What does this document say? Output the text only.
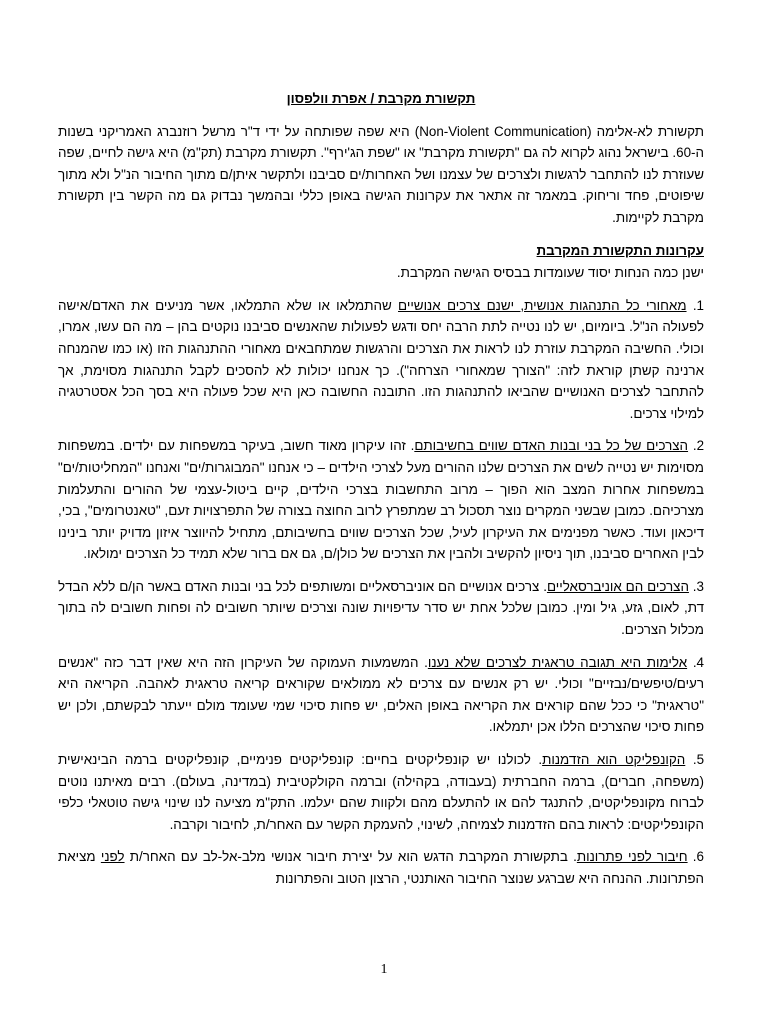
תקשורת מקרבת / אפרת וולפסון
תקשורת לא-אלימה (Non-Violent Communication) היא שפה שפותחה על ידי ד"ר מרשל רוזנברג האמריקני בשנות ה-60. בישראל נהוג לקרוא לה גם "תקשורת מקרבת" או "שפת הג'ירף". תקשורת מקרבת (תק"מ) היא גישה לחיים, שפה שעוזרת לנו להתחבר לרגשות ולצרכים של עצמנו ושל האחרות/ים סביבנו ולתקשר איתן/ם מתוך החיבור הנ"ל ולא מתוך שיפוטים, פחד וריחוק. במאמר זה אתאר את עקרונות הגישה באופן כללי ובהמשך נבדוק גם מה הקשר בין תקשורת מקרבת לקיימות.
עקרונות התקשורת המקרבת
ישנן כמה הנחות יסוד שעומדות בבסיס הגישה המקרבת.
1. מאחורי כל התנהגות אנושית, ישנם צרכים אנושיים שהתמלאו או שלא התמלאו, אשר מניעים את האדם/אישה לפעולה הנ"ל. ביומיום, יש לנו נטייה לתת הרבה יחס ודגש לפעולות שהאנשים סביבנו נוקטים בהן – מה הם עשו, אמרו, וכולי. החשיבה המקרבת עוזרת לנו לראות את הצרכים והרגשות שמתחבאים מאחורי ההתנהגות הזו (או כמו שהמנחה ארנינה קשתן קוראת לזה: "הצורך שמאחורי הצרחה"). כך אנחנו יכולות לא להסכים לקבל התנהגות מסוימת, אך להתחבר לצרכים האנושיים שהביאו להתנהגות הזו. התובנה החשובה כאן היא שכל פעולה היא בסך הכל אסטרטגיה למילוי צרכים.
2. הצרכים של כל בני ובנות האדם שווים בחשיבותם. זהו עיקרון מאוד חשוב, בעיקר במשפחות עם ילדים. במשפחות מסוימות יש נטייה לשים את הצרכים שלנו ההורים מעל לצרכי הילדים – כי אנחנו "המבוגרות/ים" ואנחנו "המחליטות/ים" במשפחות אחרות המצב הוא הפוך – מרוב התחשבות בצרכי הילדים, קיים ביטול-עצמי של ההורים והתעלמות מצרכיהם. כמובן שבשני המקרים נוצר תסכול רב שמתפרץ לרוב החוצה בצורה של התפרצויות זעם, "טאנטרומים", בכי, דיכאון ועוד. כאשר מפנימים את העיקרון לעיל, שכל הצרכים שווים בחשיבותם, מתחיל להיווצר איזון מדויק יותר בינינו לבין האחרים סביבנו, תוך ניסיון להקשיב ולהבין את הצרכים של כולן/ם, גם אם ברור שלא תמיד כל הצרכים ימולאו.
3. הצרכים הם אוניברסאליים. צרכים אנושיים הם אוניברסאליים ומשותפים לכל בני ובנות האדם באשר הן/ם ללא הבדל דת, לאום, גזע, גיל ומין. כמובן שלכל אחת יש סדר עדיפויות שונה וצרכים שיותר חשובים לה ופחות חשובים לה בתוך מכלול הצרכים.
4. אלימות היא תגובה טראגית לצרכים שלא נענו. המשמעות העמוקה של העיקרון הזה היא שאין דבר כזה "אנשים רעים/טיפשים/נבזיים" וכולי. יש רק אנשים עם צרכים לא ממולאים שקוראים קריאה טראגית לאהבה. הקריאה היא "טראגית" כי ככל שהם קוראים את הקריאה באופן האלים, יש פחות סיכוי שמי שעומד מולם ייעתר לבקשתם, ולכן יש פחות סיכוי שהצרכים הללו אכן יתמלאו.
5. הקונפליקט הוא הזדמנות. לכולנו יש קונפליקטים בחיים: קונפליקטים פנימיים, קונפליקטים ברמה הבינאישית (משפחה, חברים), ברמה החברתית (בעבודה, בקהילה) וברמה הקולקטיבית (במדינה, בעולם). רבים מאיתנו נוטים לברוח מקונפליקטים, להתנגד להם או להתעלם מהם ולקוות שהם יעלמו. התק"מ מציעה לנו שינוי גישה טוטאלי כלפי הקונפליקטים: לראות בהם הזדמנות לצמיחה, לשינוי, להעמקת הקשר עם האחר/ת, לחיבור וקרבה.
6. חיבור לפני פתרונות. בתקשורת המקרבת הדגש הוא על יצירת חיבור אנושי מלב-אל-לב עם האחר/ת לפני מציאת הפתרונות. ההנחה היא שברגע שנוצר החיבור האותנטי, הרצון הטוב והפתרונות
1
